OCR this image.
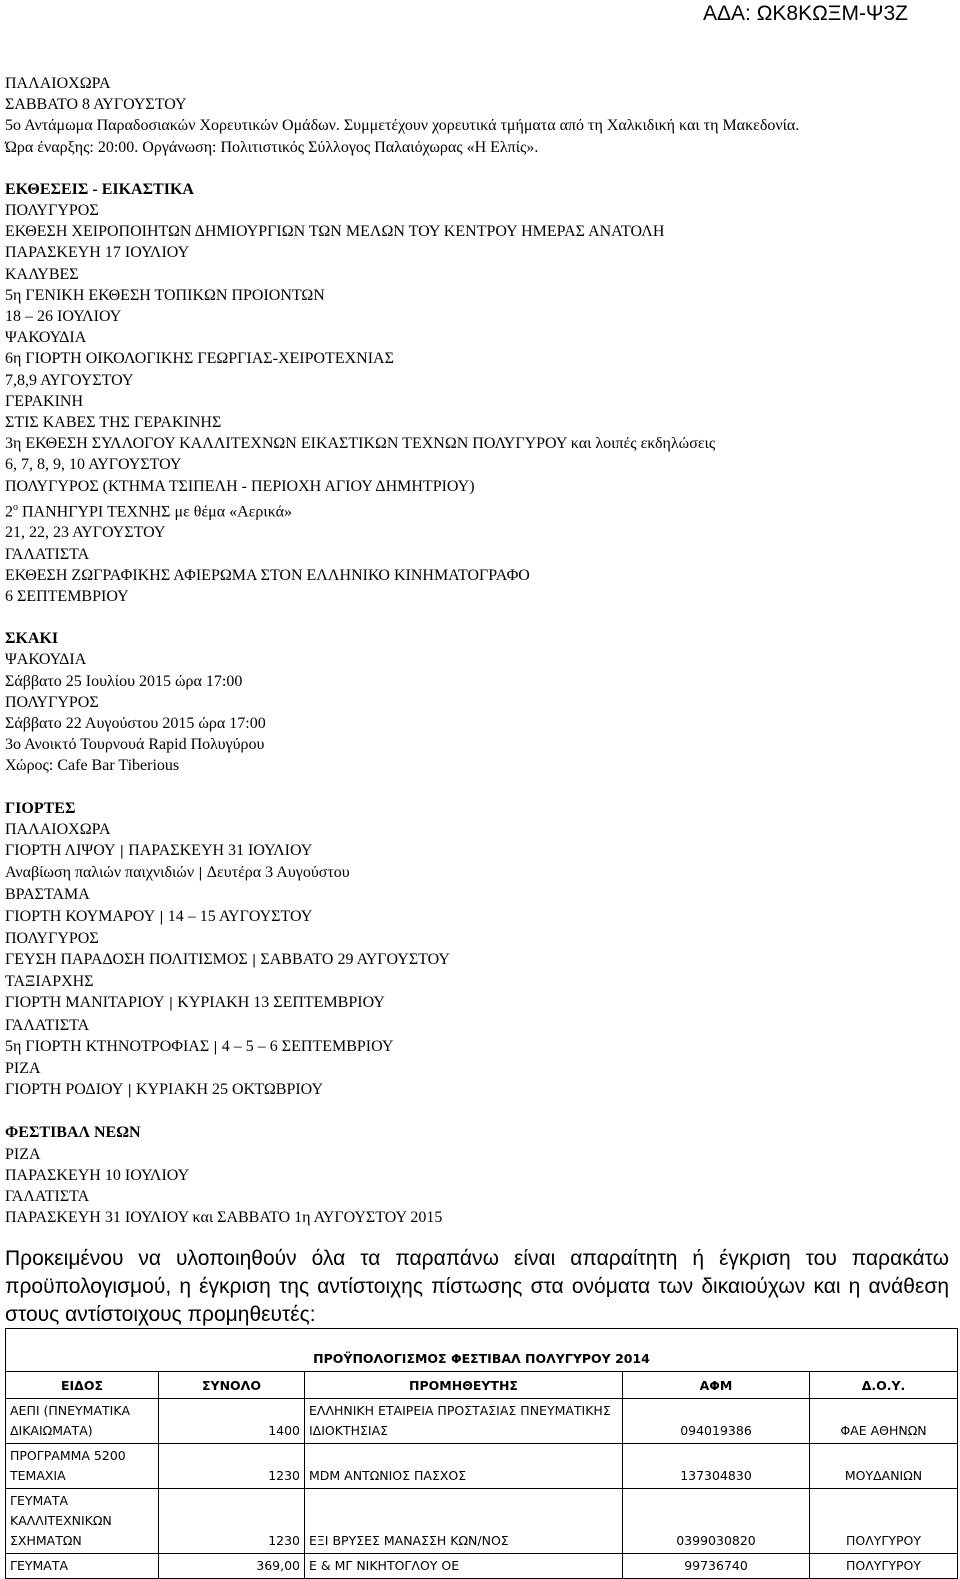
ΑΔΑ: ΩΚ8ΚΩΞΜ-Ψ3Ζ

ΠΑΛΑΙΟΧΩΡΑ

ΣΑΒΒΑΤΟ 8 ΑΥΓΟΥΣΤΟΥ

5ο Αντάμωμα Παραδοσιακών Χορευτικών Ομάδων. Συμμετέχουν χορευτικά τμήματα από τη Χαλκιδική και τη Μακεδονία.

Ώρα έναρξης: 20:00. Οργάνωση: Πολιτιστικός Σύλλογος Παλαιόχωρας «Η Ελπίς».

ΕΚΘΕΣΕΙΣ - ΕΙΚΑΣΤΙΚΑ

ΠΟΛΥΓΥΡΟΣ

ΕΚΘΕΣΗ ΧΕΙΡΟΠΟΙΗΤΩΝ ΔΗΜΙΟΥΡΓΙΩΝ ΤΩΝ ΜΕΛΩΝ ΤΟΥ ΚΕΝΤΡΟΥ ΗΜΕΡΑΣ ΑΝΑΤΟΛΗ

ΠΑΡΑΣΚΕΥΗ 17 ΙΟΥΛΙΟΥ

ΚΑΛΥΒΕΣ

5η ΓΕΝΙΚΗ ΕΚΘΕΣΗ ΤΟΠΙΚΩΝ ΠΡΟΙΟΝΤΩΝ

18 – 26 ΙΟΥΛΙΟΥ

ΨΑΚΟΥΔΙΑ

6η ΓΙΟΡΤΗ ΟΙΚΟΛΟΓΙΚΗΣ ΓΕΩΡΓΙΑΣ-ΧΕΙΡΟΤΕΧΝΙΑΣ

7,8,9 ΑΥΓΟΥΣΤΟΥ

ΓΕΡΑΚΙΝΗ

ΣΤΙΣ ΚΑΒΕΣ ΤΗΣ ΓΕΡΑΚΙΝΗΣ

3η ΕΚΘΕΣΗ ΣΥΛΛΟΓΟΥ ΚΑΛΛΙΤΕΧΝΩΝ ΕΙΚΑΣΤΙΚΩΝ ΤΕΧΝΩΝ ΠΟΛΥΓΥΡΟΥ και λοιπές εκδηλώσεις

6, 7, 8, 9, 10 ΑΥΓΟΥΣΤΟΥ

ΠΟΛΥΓΥΡΟΣ (ΚΤΗΜΑ ΤΣΙΠΕΛΗ - ΠΕΡΙΟΧΗ ΑΓΙΟΥ ΔΗΜΗΤΡΙΟΥ)

$2^o$ ΠΑΝΗΓΥΡΙ ΤΕΧΝΗΣ με θέμα «Αερικά»

21, 22, 23 ΑΥΓΟΥΣΤΟΥ

ΓΑΛΑΤΙΣΤΑ

ΕΚΘΕΣΗ ΖΩΓΡΑΦΙΚΗΣ ΑΦΙΕΡΩΜΑ ΣΤΟΝ ΕΛΛΗΝΙΚΟ ΚΙΝΗΜΑΤΟΓΡΑΦΟ

6 ΣΕΠΤΕΜΒΡΙΟΥ

ΣΚΑΚΙ

ΨΑΚΟΥΔΙΑ

Σάββατο 25 Ιουλίου 2015 ώρα 17:00

ΠΟΛΥΓΥΡΟΣ

Σάββατο 22 Αυγούστου 2015 ώρα 17:00

3ο Ανοικτό Τουρνουά Rapid Πολυγύρου

Χώρος: Cafe Bar Tiberious

ΓΙΟΡΤΕΣ

ΠΑΛΑΙΟΧΩΡΑ

ΓΙΟΡΤΗ ΛΙΨΟΥ | ΠΑΡΑΣΚΕΥΗ 31 ΙΟΥΛΙΟΥ

Αναβίωση παλιών παιχνιδιών | Δευτέρα 3 Αυγούστου

ΒΡΑΣΤΑΜΑ

ΓΙΟΡΤΗ ΚΟΥΜΑΡΟΥ | 14 – 15 ΑΥΓΟΥΣΤΟΥ

ΠΟΛΥΓΥΡΟΣ

ΓΕΥΣΗ ΠΑΡΑΔΟΣΗ ΠΟΛΙΤΙΣΜΟΣ | ΣΑΒΒΑΤΟ 29 ΑΥΓΟΥΣΤΟΥ

ΤΑΞΙΑΡΧΗΣ

ΓΙΟΡΤΗ ΜΑΝΙΤΑΡΙΟΥ | ΚΥΡΙΑΚΗ 13 ΣΕΠΤΕΜΒΡΙΟΥ

ΓΑΛΑΤΙΣΤΑ

5η ΓΙΟΡΤΗ ΚΤΗΝΟΤΡΟΦΙΑΣ | 4 – 5 – 6 ΣΕΠΤΕΜΒΡΙΟΥ

ΡΙΖΑ

ΓΙΟΡΤΗ ΡΟΔΙΟΥ | ΚΥΡΙΑΚΗ 25 ΟΚΤΩΒΡΙΟΥ

ΦΕΣΤΙΒΑΛ ΝΕΩΝ

ΡΙΖΑ

ΠΑΡΑΣΚΕΥΗ 10 ΙΟΥΛΙΟΥ

ΓΑΛΑΤΙΣΤΑ

ΠΑΡΑΣΚΕΥΗ 31 ΙΟΥΛΙΟΥ και ΣΑΒΒΑΤΟ 1η ΑΥΓΟΥΣΤΟΥ 2015

Προκειμένου να υλοποιηθούν όλα τα παραπάνω είναι απαραίτητη ή έγκριση του παρακάτω προϋπολογισμού, η έγκριση της αντίστοιχης πίστωσης στα ονόματα των δικαιούχων και η ανάθεση στους αντίστοιχους προμηθευτές:
ΠΡΟΫΠΟΛΟΓΙΣΜΟΣ ΦΕΣΤΙΒΑΛ ΠΟΛΥΓΥΡΟΥ 2014				
ΕΙΔΟΣ	ΣΥΝΟΛΟ	ΠΡΟΜΗΘΕΥΤΗΣ	ΑΦΜ	Δ.Ο.Υ.
ΑΕΠΙ (ΠΝΕΥΜΑΤΙΚΑ ΔΙΚΑΙΩΜΑΤΑ)	1400	ΕΛΛΗΝΙΚΗ ΕΤΑΙΡΕΙΑ ΠΡΟΣΤΑΣΙΑΣ ΠΝΕΥΜΑΤΙΚΗΣ ΙΔΙΟΚΤΗΣΙΑΣ	094019386	ΦΑΕ ΑΘΗΝΩΝ
ΠΡΟΓΡΑΜΜΑ 5200 ΤΕΜΑΧΙΑ	1230	MDM ΑΝΤΩΝΙΟΣ ΠΑΣΧΟΣ	137304830	ΜΟΥΔΑΝΙΩΝ
ΓΕΥΜΑΤΑ ΚΑΛΛΙΤΕΧΝΙΚΩΝ ΣΧΗΜΑΤΩΝ	1230	ΕΞΙ ΒΡΥΣΕΣ ΜΑΝΑΣΣΗ ΚΩΝ/ΝΟΣ	0399030820	ΠΟΛΥΓΥΡΟΥ
ΓΕΥΜΑΤΑ	369,00	Ε & ΜΓ ΝΙΚΗΤΟΓΛΟΥ ΟΕ	99736740	ΠΟΛΥΓΥΡΟΥ
